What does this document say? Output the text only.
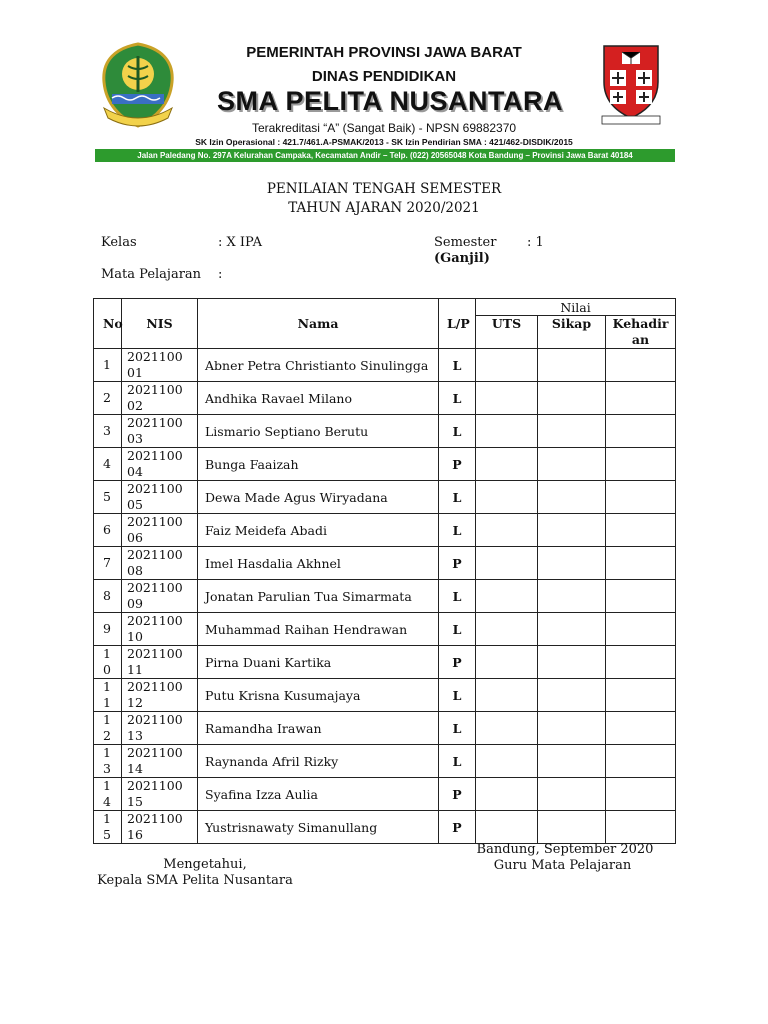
PEMERINTAH PROVINSI JAWA BARAT
DINAS PENDIDIKAN
SMA PELITA NUSANTARA
Terakreditasi “A” (Sangat Baik) - NPSN 69882370
SK Izin Operasional : 421.7/461.A-PSMAK/2013 - SK Izin Pendirian SMA : 421/462-DISDIK/2015
Jalan Paledang No. 297A Kelurahan Campaka, Kecamatan Andir – Telp. (022) 20565048 Kota Bandung – Provinsi Jawa Barat 40184
PENILAIAN TENGAH SEMESTER
TAHUN AJARAN 2020/2021
Kelas	: X IPA	Semester : 1
(Ganjil)
Mata Pelajaran :
No	NIS	Nama	L/P	Nilai		
				UTS	Sikap	Kehadiran
1	202110001	Abner Petra Christianto Sinulingga	L			
2	202110002	Andhika Ravael Milano	L			
3	202110003	Lismario Septiano Berutu	L			
4	202110004	Bunga Faaizah	P			
5	202110005	Dewa Made Agus Wiryadana	L			
6	202110006	Faiz Meidefa Abadi	L			
7	202110008	Imel Hasdalia Akhnel	P			
8	202110009	Jonatan Parulian Tua Simarmata	L			
9	202110010	Muhammad Raihan Hendrawan	L			
10	202110011	Pirna Duani Kartika	P			
11	202110012	Putu Krisna Kusumajaya	L			
12	202110013	Ramandha Irawan	L			
13	202110014	Raynanda Afril Rizky	L			
14	202110015	Syafina Izza Aulia	P			
15	202110016	Yustrisnawaty Simanullang	P			
Bandung, September 2020
Guru Mata Pelajaran
Mengetahui,
Kepala SMA Pelita Nusantara
